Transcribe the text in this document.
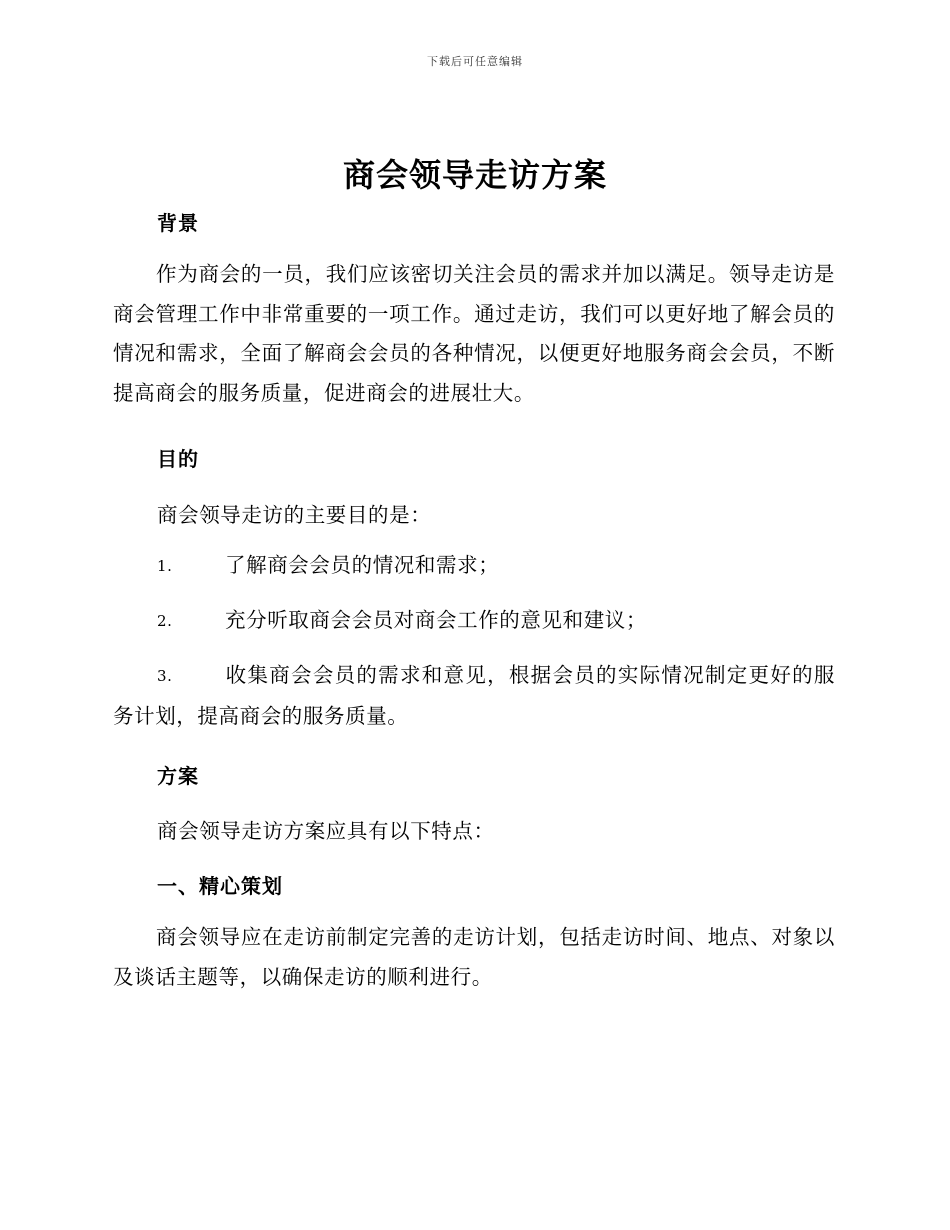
下载后可任意编辑
商会领导走访方案
背景
作为商会的一员，我们应该密切关注会员的需求并加以满足。领导走访是商会管理工作中非常重要的一项工作。通过走访，我们可以更好地了解会员的情况和需求，全面了解商会会员的各种情况，以便更好地服务商会会员，不断提高商会的服务质量，促进商会的进展壮大。
目的
商会领导走访的主要目的是：
1.	了解商会会员的情况和需求；
2.	充分听取商会会员对商会工作的意见和建议；
3.	收集商会会员的需求和意见，根据会员的实际情况制定更好的服务计划，提高商会的服务质量。
方案
商会领导走访方案应具有以下特点：
一、精心策划
商会领导应在走访前制定完善的走访计划，包括走访时间、地点、对象以及谈话主题等，以确保走访的顺利进行。
